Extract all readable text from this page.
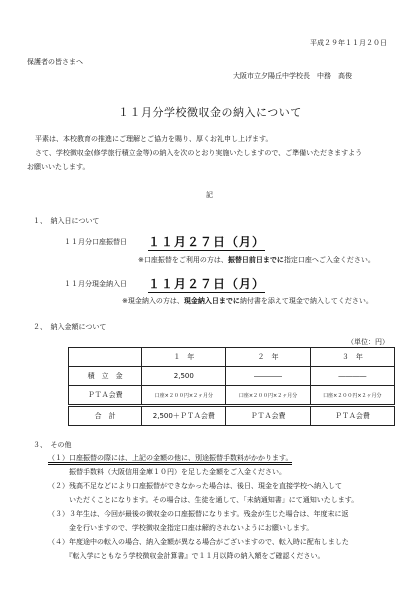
平成２９年１１月２０日
保護者の皆さまへ
大阪市立夕陽丘中学校長　中務　高俊
１１月分学校徴収金の納入について
平素は、本校教育の推進にご理解とご協力を賜り、厚くお礼申し上げます。
さて、学校徴収金(修学旅行積立金等)の納入を次のとおり実施いたしますので、ご準備いただきますよう
お願いいたします。
記
１、　納入日について
１１月分口座振替日 １１月２７日（月）
※口座振替をご利用の方は、振替日前日までに指定口座へご入金ください。
１１月分現金納入日 １１月２７日（月）
※現金納入の方は、現金納入日までに納付書を添えて現金で納入してください。
２、　納入金額について
（単位：円）
	１　年	２　年	３　年
積　立　金	2,500	――――	――――
ＰＴＡ会費	口座×２００円×２ヶ月分	口座×２００円×２ヶ月分	口座×２００円×２ヶ月分
合　計	2,500＋ＰＴＡ会費	ＰＴＡ会費	ＰＴＡ会費
３、　その他
（１）口座振替の際には、上記の金額の他に、別途振替手数料がかかります。
　　　振替手数料（大阪信用金庫１０円）を足した金額をご入金ください。
（２）残高不足などにより口座振替ができなかった場合は、後日、現金を直接学校へ納入して
　　　いただくことになります。その場合は、生徒を通して、「未納通知書」にて通知いたします。
（３）３年生は、今回が最後の徴収金の口座振替になります。残金が生じた場合は、年度末に返
　　　金を行いますので、学校徴収金指定口座は解約されないようにお願いします。
（４）年度途中の転入の場合、納入金額が異なる場合がございますので、転入時に配布しました
　　　『転入学にともなう学校徴収金計算書』で１１月以降の納入額をご確認ください。
